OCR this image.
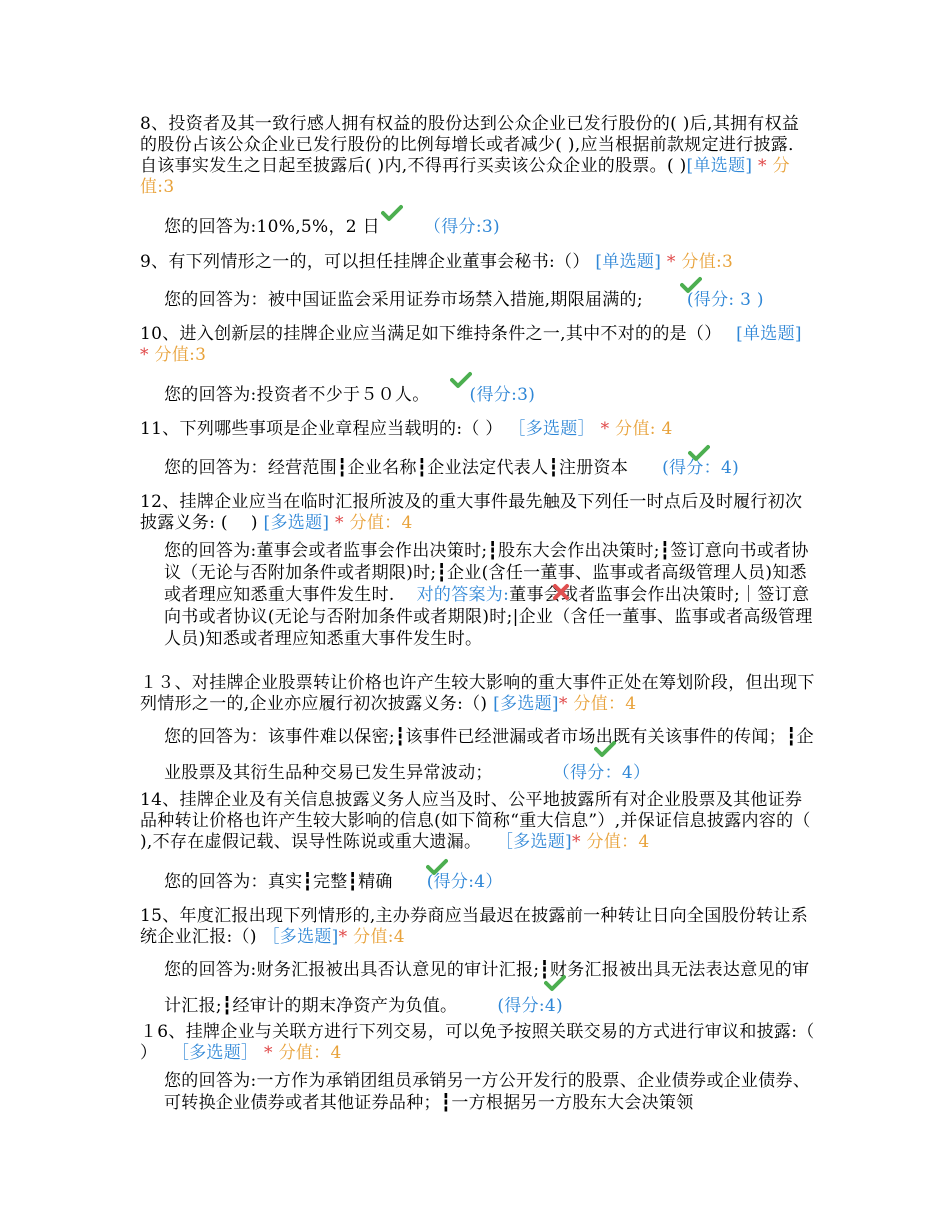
8、投资者及其一致行感人拥有权益的股份达到公众企业已发行股份的( )后,其拥有权益的股份占该公众企业已发行股份的比例每增长或者减少( ),应当根据前款规定进行披露．自该事实发生之日起至披露后( )内,不得再行买卖该公众企业的股票。( )[单选题] * 分值:3
您的回答为:10%,5%，2 日	（得分:3)
9、有下列情形之一的，可以担任挂牌企业董事会秘书:（） [单选题] * 分值:3
您的回答为：被中国证监会采用证券市场禁入措施,期限届满的;	(得分: 3 )
10、进入创新层的挂牌企业应当满足如下维持条件之一,其中不对的的是（）　 [单选题] * 分值:3
您的回答为:投资者不少于５０人。 (得分:3)
11、下列哪些事项是企业章程应当载明的:（ ） ［多选题］ * 分值: 4
您的回答为：经营范围┇企业名称┇企业法定代表人┇注册资本 (得分：4)
12、挂牌企业应当在临时汇报所波及的重大事件最先触及下列任一时点后及时履行初次披露义务: (　 ) [多选题] * 分值：4
您的回答为:董事会或者监事会作出决策时;┇股东大会作出决策时;┇签订意向书或者协议（无论与否附加条件或者期限)时;┇企业(含任一董事、监事或者高级管理人员)知悉或者理应知悉重大事件发生时. 对的答案为:董事会或者监事会作出决策时;｜签订意向书或者协议(无论与否附加条件或者期限)时;|企业（含任一董事、监事或者高级管理人员)知悉或者理应知悉重大事件发生时。
１３、对挂牌企业股票转让价格也许产生较大影响的重大事件正处在筹划阶段，但出现下列情形之一的,企业亦应履行初次披露义务:（) [多选题]* 分值：4
您的回答为：该事件难以保密;┇该事件已经泄漏或者市场出既有关该事件的传闻；┇企业股票及其衍生品种交易已发生异常波动；	（得分：4）
14、挂牌企业及有关信息披露义务人应当及时、公平地披露所有对企业股票及其他证券品种转让价格也许产生较大影响的信息(如下简称“重大信息”）,并保证信息披露内容的（　 ),不存在虚假记载、误导性陈说或重大遗漏。　 ［多选题]* 分值：4
您的回答为：真实┇完整┇精确 (得分:4）
15、年度汇报出现下列情形的,主办券商应当最迟在披露前一种转让日向全国股份转让系统企业汇报:（) ［多选题]* 分值:4
您的回答为:财务汇报被出具否认意见的审计汇报;┇财务汇报被出具无法表达意见的审计汇报;┇经审计的期末净资产为负值。 (得分:4)
１6、挂牌企业与关联方进行下列交易，可以免予按照关联交易的方式进行审议和披露:（ ）　 ［多选题］ * 分值：4
您的回答为:一方作为承销团组员承销另一方公开发行的股票、企业债券或企业债券、可转换企业债券或者其他证券品种；┇一方根据另一方股东大会决策领
